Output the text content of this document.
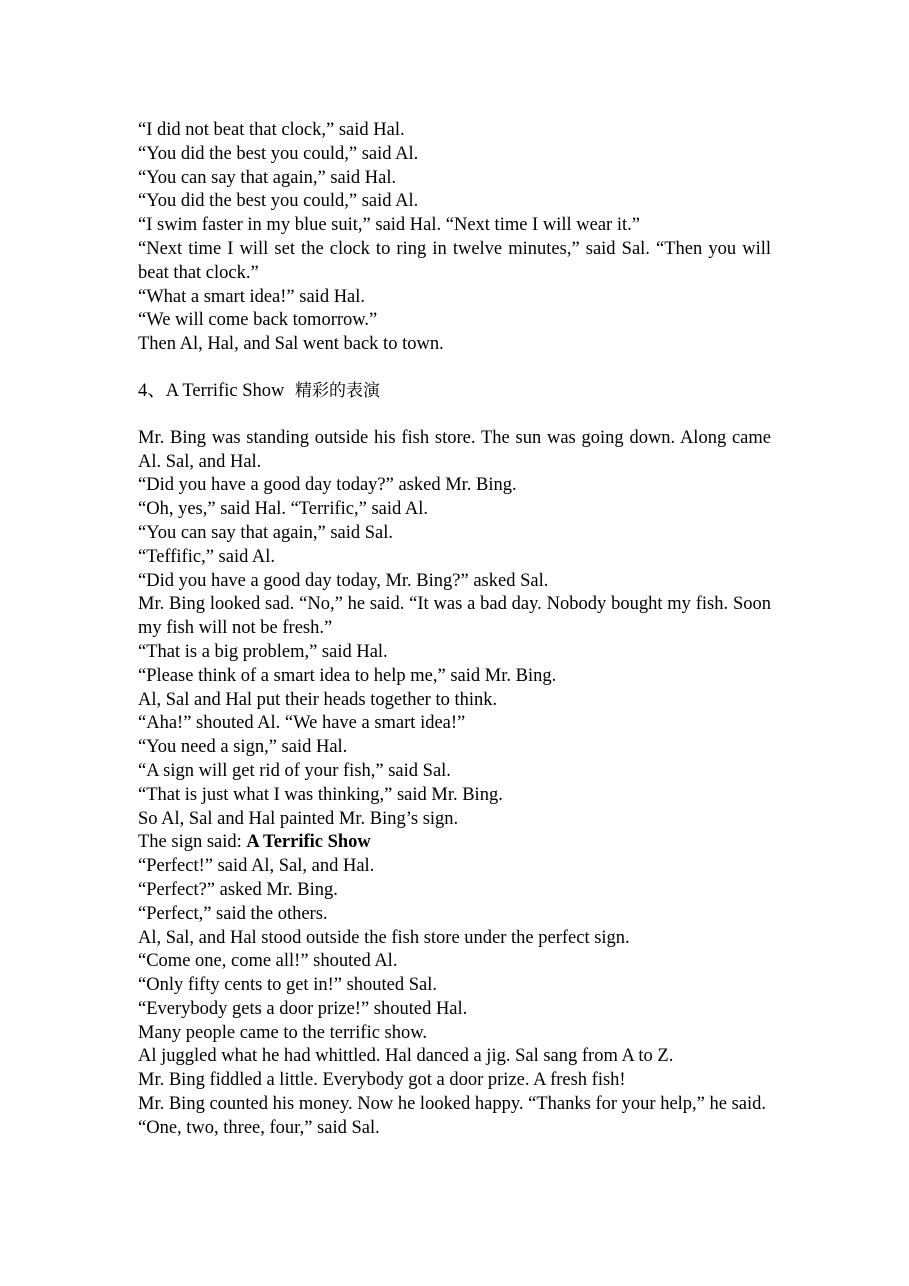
“I did not beat that clock,” said Hal.
“You did the best you could,” said Al.
“You can say that again,” said Hal.
“You did the best you could,” said Al.
“I swim faster in my blue suit,” said Hal. “Next time I will wear it.”
“Next time I will set the clock to ring in twelve minutes,” said Sal. “Then you will beat that clock.”
“What a smart idea!” said Hal.
“We will come back tomorrow.”
Then Al, Hal, and Sal went back to town.
4、A Terrific Show 精彩的表演
Mr. Bing was standing outside his fish store. The sun was going down. Along came Al. Sal, and Hal.
“Did you have a good day today?” asked Mr. Bing.
“Oh, yes,” said Hal. “Terrific,” said Al.
“You can say that again,” said Sal.
“Teffific,” said Al.
“Did you have a good day today, Mr. Bing?” asked Sal.
Mr. Bing looked sad. “No,” he said. “It was a bad day. Nobody bought my fish. Soon my fish will not be fresh.”
“That is a big problem,” said Hal.
“Please think of a smart idea to help me,” said Mr. Bing.
Al, Sal and Hal put their heads together to think.
“Aha!” shouted Al. “We have a smart idea!”
“You need a sign,” said Hal.
“A sign will get rid of your fish,” said Sal.
“That is just what I was thinking,” said Mr. Bing.
So Al, Sal and Hal painted Mr. Bing’s sign.
The sign said: A Terrific Show
“Perfect!” said Al, Sal, and Hal.
“Perfect?” asked Mr. Bing.
“Perfect,” said the others.
Al, Sal, and Hal stood outside the fish store under the perfect sign.
“Come one, come all!” shouted Al.
“Only fifty cents to get in!” shouted Sal.
“Everybody gets a door prize!” shouted Hal.
Many people came to the terrific show.
Al juggled what he had whittled. Hal danced a jig. Sal sang from A to Z.
Mr. Bing fiddled a little. Everybody got a door prize. A fresh fish!
Mr. Bing counted his money. Now he looked happy. “Thanks for your help,” he said.
“One, two, three, four,” said Sal.
